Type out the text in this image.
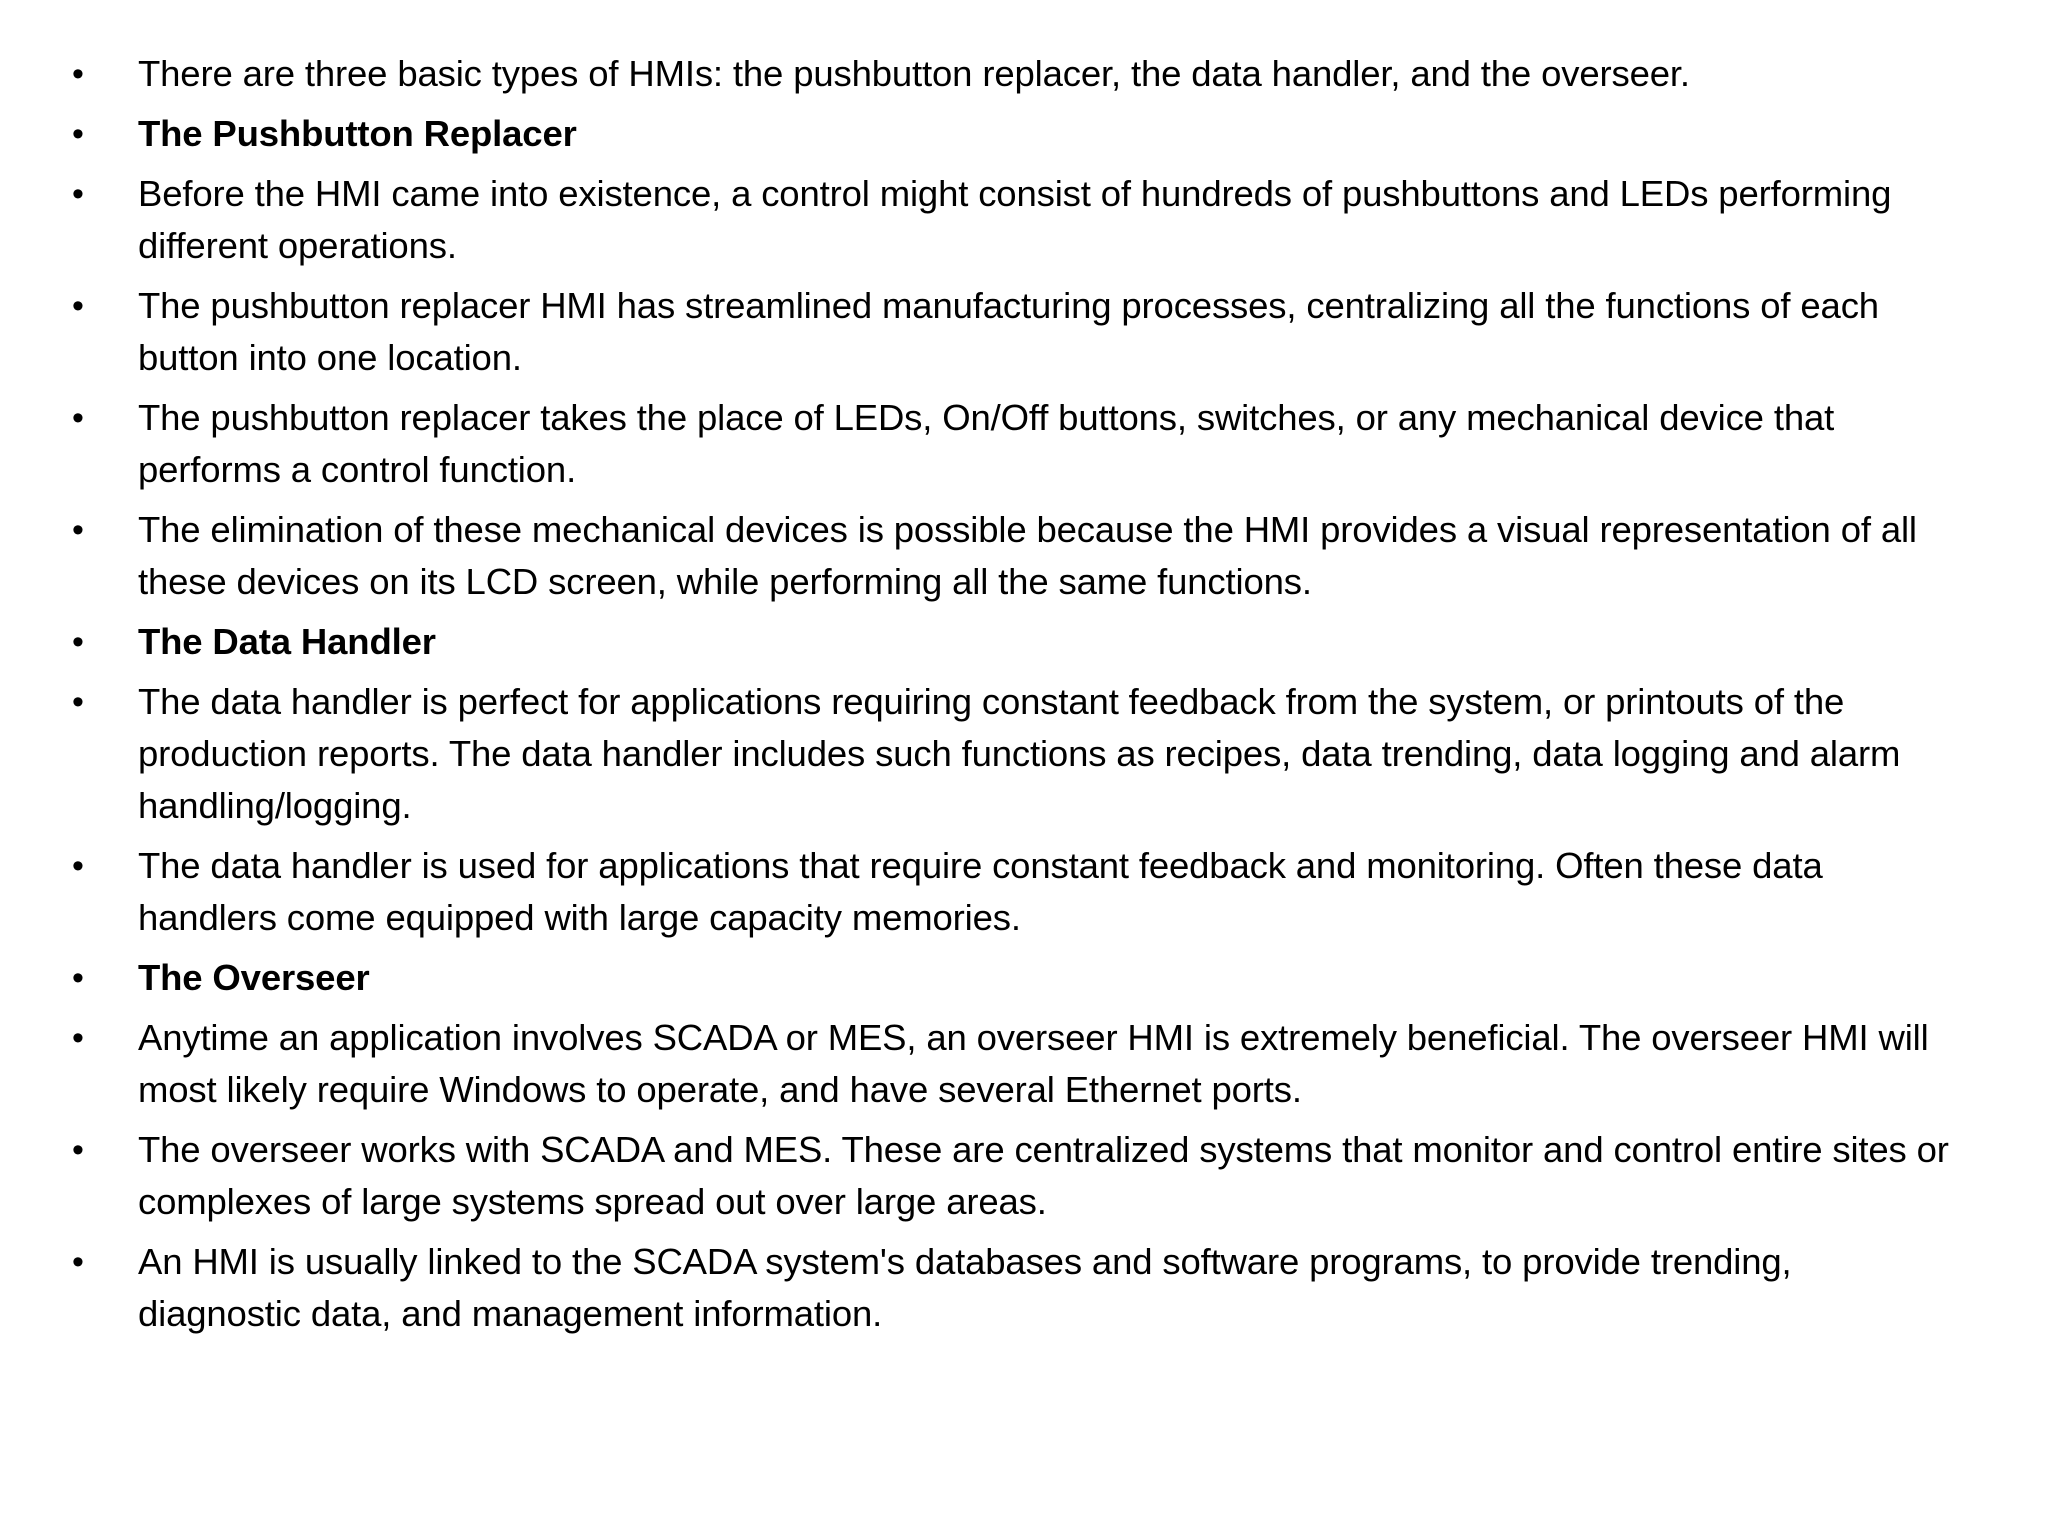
•	There are three basic types of HMIs: the pushbutton replacer, the data handler, and the overseer.
•	The Pushbutton Replacer
•	Before the HMI came into existence, a control might consist of hundreds of pushbuttons and LEDs performing different operations.
•	The pushbutton replacer HMI has streamlined manufacturing processes, centralizing all the functions of each button into one location.
•	The pushbutton replacer takes the place of LEDs, On/Off buttons, switches, or any mechanical device that performs a control function.
•	The elimination of these mechanical devices is possible because the HMI provides a visual representation of all these devices on its LCD screen, while performing all the same functions.
•	The Data Handler
•	The data handler is perfect for applications requiring constant feedback from the system, or printouts of the production reports. The data handler includes such functions as recipes, data trending, data logging and alarm handling/logging.
•	The data handler is used for applications that require constant feedback and monitoring. Often these data handlers come equipped with large capacity memories.
•	The Overseer
•	Anytime an application involves SCADA or MES, an overseer HMI is extremely beneficial. The overseer HMI will most likely require Windows to operate, and have several Ethernet ports.
•	The overseer works with SCADA and MES. These are centralized systems that monitor and control entire sites or complexes of large systems spread out over large areas.
•	An HMI is usually linked to the SCADA system's databases and software programs, to provide trending, diagnostic data, and management information.
